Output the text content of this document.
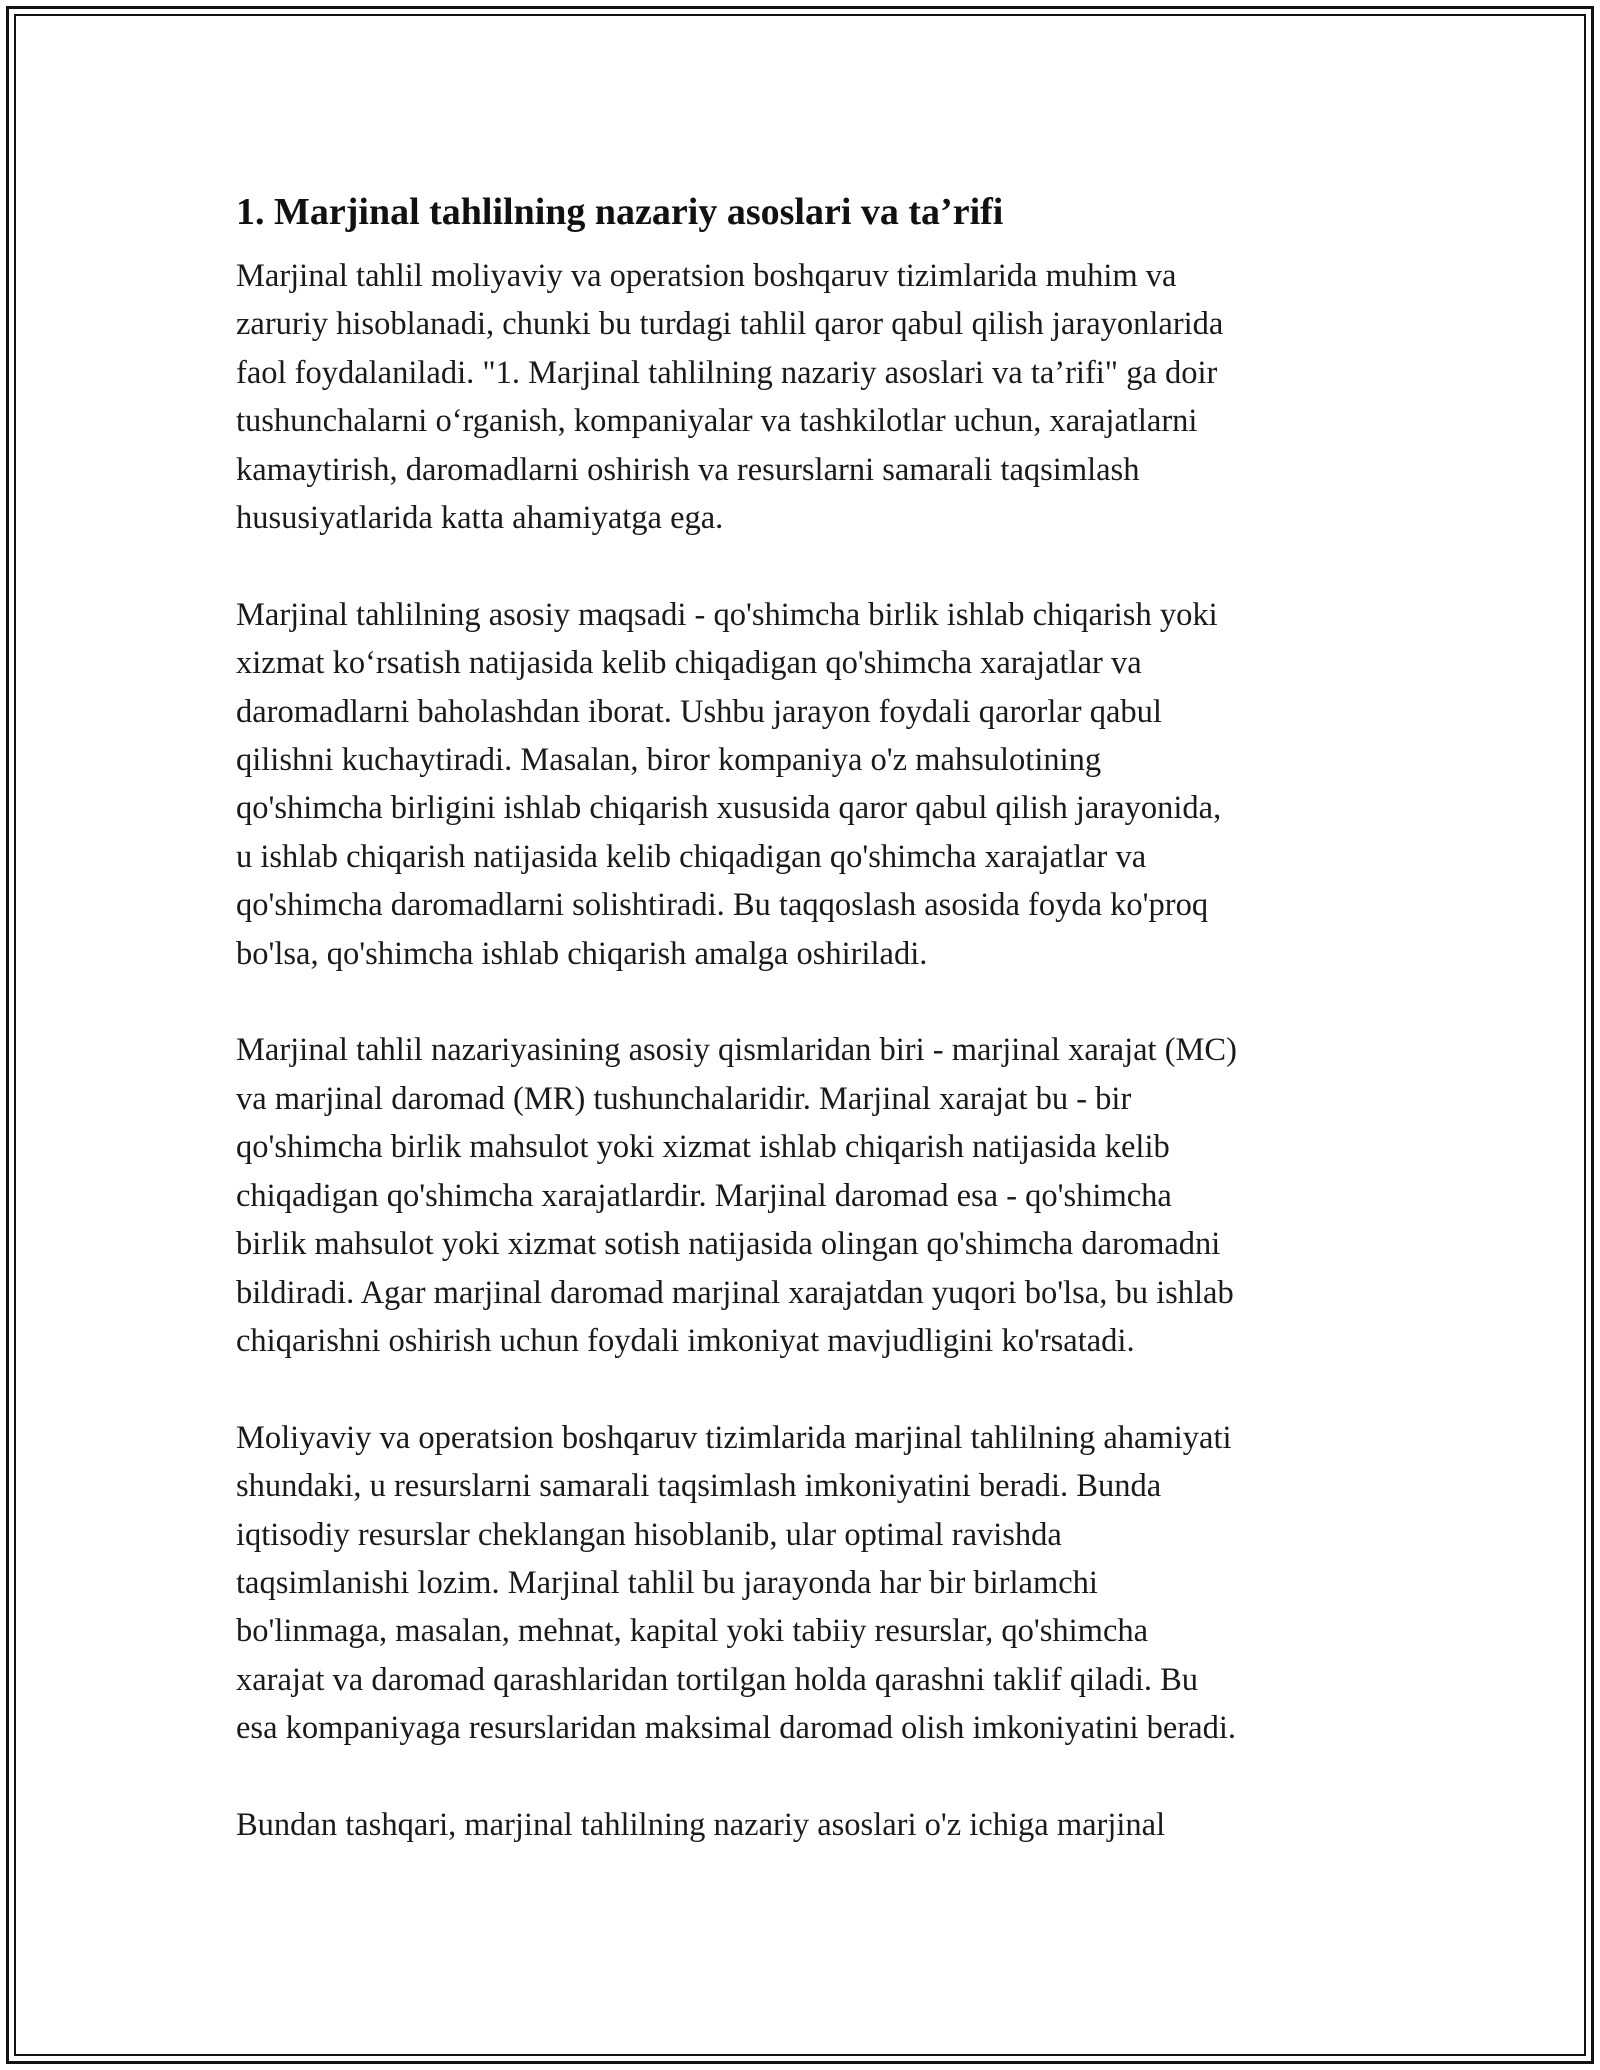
1. Marjinal tahlilning nazariy asoslari va ta’rifi

Marjinal tahlil moliyaviy va operatsion boshqaruv tizimlarida muhim va
zaruriy hisoblanadi, chunki bu turdagi tahlil qaror qabul qilish jarayonlarida
faol foydalaniladi. "1. Marjinal tahlilning nazariy asoslari va ta’rifi" ga doir
tushunchalarni o‘rganish, kompaniyalar va tashkilotlar uchun, xarajatlarni
kamaytirish, daromadlarni oshirish va resurslarni samarali taqsimlash
hususiyatlarida katta ahamiyatga ega.

Marjinal tahlilning asosiy maqsadi - qo'shimcha birlik ishlab chiqarish yoki
xizmat ko‘rsatish natijasida kelib chiqadigan qo'shimcha xarajatlar va
daromadlarni baholashdan iborat. Ushbu jarayon foydali qarorlar qabul
qilishni kuchaytiradi. Masalan, biror kompaniya o'z mahsulotining
qo'shimcha birligini ishlab chiqarish xususida qaror qabul qilish jarayonida,
u ishlab chiqarish natijasida kelib chiqadigan qo'shimcha xarajatlar va
qo'shimcha daromadlarni solishtiradi. Bu taqqoslash asosida foyda ko'proq
bo'lsa, qo'shimcha ishlab chiqarish amalga oshiriladi.

Marjinal tahlil nazariyasining asosiy qismlaridan biri - marjinal xarajat (MC)
va marjinal daromad (MR) tushunchalaridir. Marjinal xarajat bu - bir
qo'shimcha birlik mahsulot yoki xizmat ishlab chiqarish natijasida kelib
chiqadigan qo'shimcha xarajatlardir. Marjinal daromad esa - qo'shimcha
birlik mahsulot yoki xizmat sotish natijasida olingan qo'shimcha daromadni
bildiradi. Agar marjinal daromad marjinal xarajatdan yuqori bo'lsa, bu ishlab
chiqarishni oshirish uchun foydali imkoniyat mavjudligini ko'rsatadi.

Moliyaviy va operatsion boshqaruv tizimlarida marjinal tahlilning ahamiyati
shundaki, u resurslarni samarali taqsimlash imkoniyatini beradi. Bunda
iqtisodiy resurslar cheklangan hisoblanib, ular optimal ravishda
taqsimlanishi lozim. Marjinal tahlil bu jarayonda har bir birlamchi
bo'linmaga, masalan, mehnat, kapital yoki tabiiy resurslar, qo'shimcha
xarajat va daromad qarashlaridan tortilgan holda qarashni taklif qiladi. Bu
esa kompaniyaga resurslaridan maksimal daromad olish imkoniyatini beradi.

Bundan tashqari, marjinal tahlilning nazariy asoslari o'z ichiga marjinal
